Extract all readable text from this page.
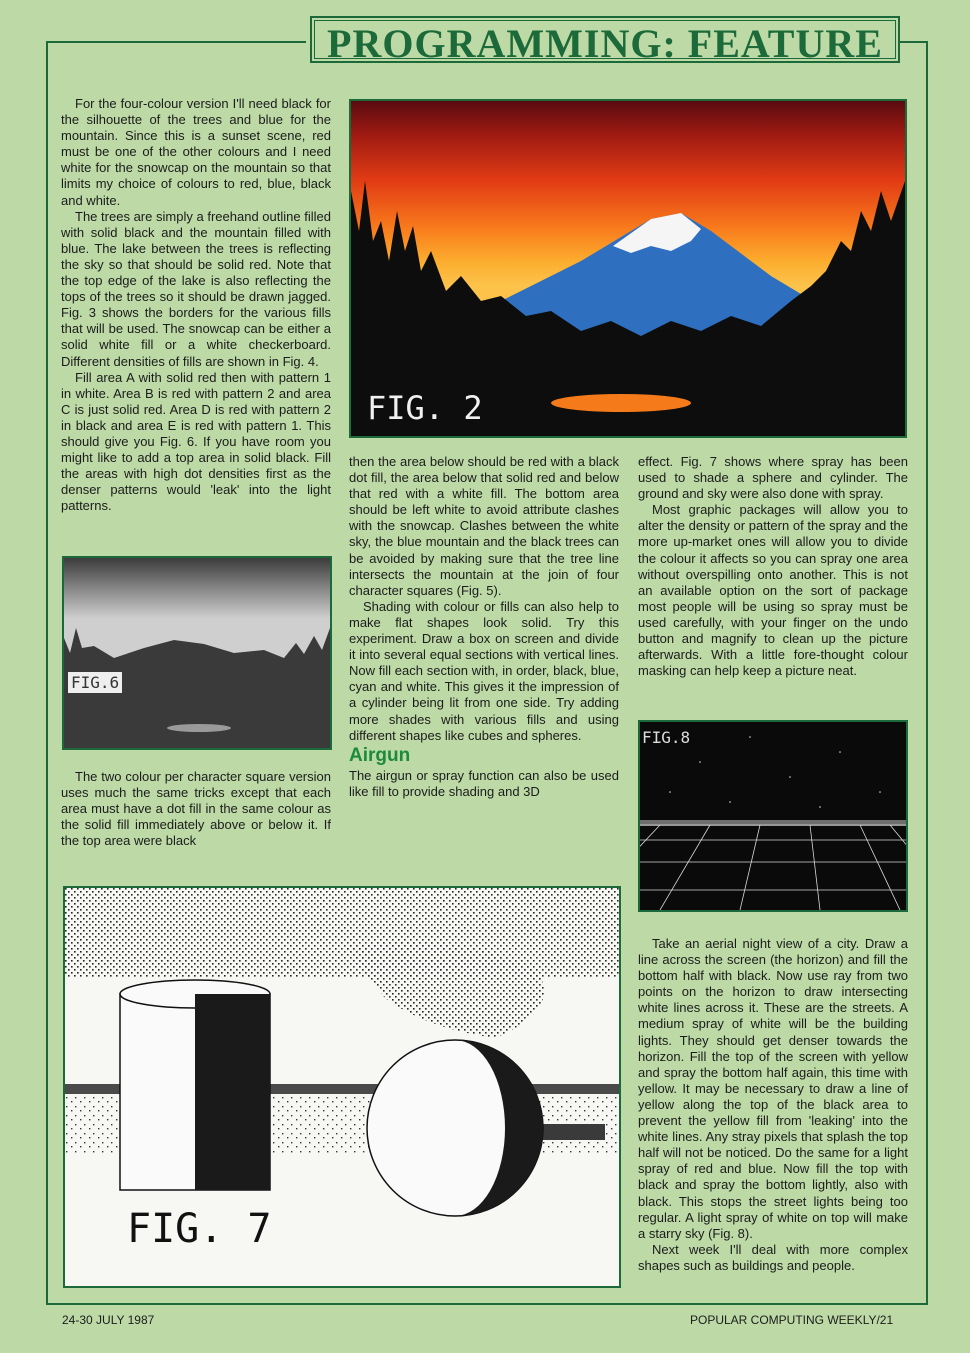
PROGRAMMING: FEATURE

For the four-colour version I'll need black for the silhouette of the trees and blue for the mountain. Since this is a sunset scene, red must be one of the other colours and I need white for the snowcap on the mountain so that limits my choice of colours to red, blue, black and white.

The trees are simply a freehand outline filled with solid black and the mountain filled with blue. The lake between the trees is reflecting the sky so that should be solid red. Note that the top edge of the lake is also reflecting the tops of the trees so it should be drawn jagged. Fig. 3 shows the borders for the various fills that will be used. The snowcap can be either a solid white fill or a white checkerboard. Different densities of fills are shown in Fig. 4.

Fill area A with solid red then with pattern 1 in white. Area B is red with pattern 2 and area C is just solid red. Area D is red with pattern 2 in black and area E is red with pattern 1. This should give you Fig. 6. If you have room you might like to add a top area in solid black. Fill the areas with high dot densities first as the denser patterns would 'leak' into the light patterns.

FIG. 2

then the area below should be red with a black dot fill, the area below that solid red and below that red with a white fill. The bottom area should be left white to avoid attribute clashes with the snowcap. Clashes between the white sky, the blue mountain and the black trees can be avoided by making sure that the tree line intersects the mountain at the join of four character squares (Fig. 5).

Shading with colour or fills can also help to make flat shapes look solid. Try this experiment. Draw a box on screen and divide it into several equal sections with vertical lines. Now fill each section with, in order, black, blue, cyan and white. This gives it the impression of a cylinder being lit from one side. Try adding more shades with various fills and using different shapes like cubes and spheres.

Airgun

The airgun or spray function can also be used like fill to provide shading and 3D

effect. Fig. 7 shows where spray has been used to shade a sphere and cylinder. The ground and sky were also done with spray.

Most graphic packages will allow you to alter the density or pattern of the spray and the more up-market ones will allow you to divide the colour it affects so you can spray one area without overspilling onto another. This is not an available option on the sort of package most people will be using so spray must be used carefully, with your finger on the undo button and magnify to clean up the picture afterwards. With a little fore-thought colour masking can help keep a picture neat.

FIG.6

The two colour per character square version uses much the same tricks except that each area must have a dot fill in the same colour as the solid fill immediately above or below it. If the top area were black

FIG.8
FIG. 7

Take an aerial night view of a city. Draw a line across the screen (the horizon) and fill the bottom half with black. Now use ray from two points on the horizon to draw intersecting white lines across it. These are the streets. A medium spray of white will be the building lights. They should get denser towards the horizon. Fill the top of the screen with yellow and spray the bottom half again, this time with yellow. It may be necessary to draw a line of yellow along the top of the black area to prevent the yellow fill from 'leaking' into the white lines. Any stray pixels that splash the top half will not be noticed. Do the same for a light spray of red and blue. Now fill the top with black and spray the bottom lightly, also with black. This stops the street lights being too regular. A light spray of white on top will make a starry sky (Fig. 8).

Next week I'll deal with more complex shapes such as buildings and people.

24-30 JULY 1987	POPULAR COMPUTING WEEKLY/21
